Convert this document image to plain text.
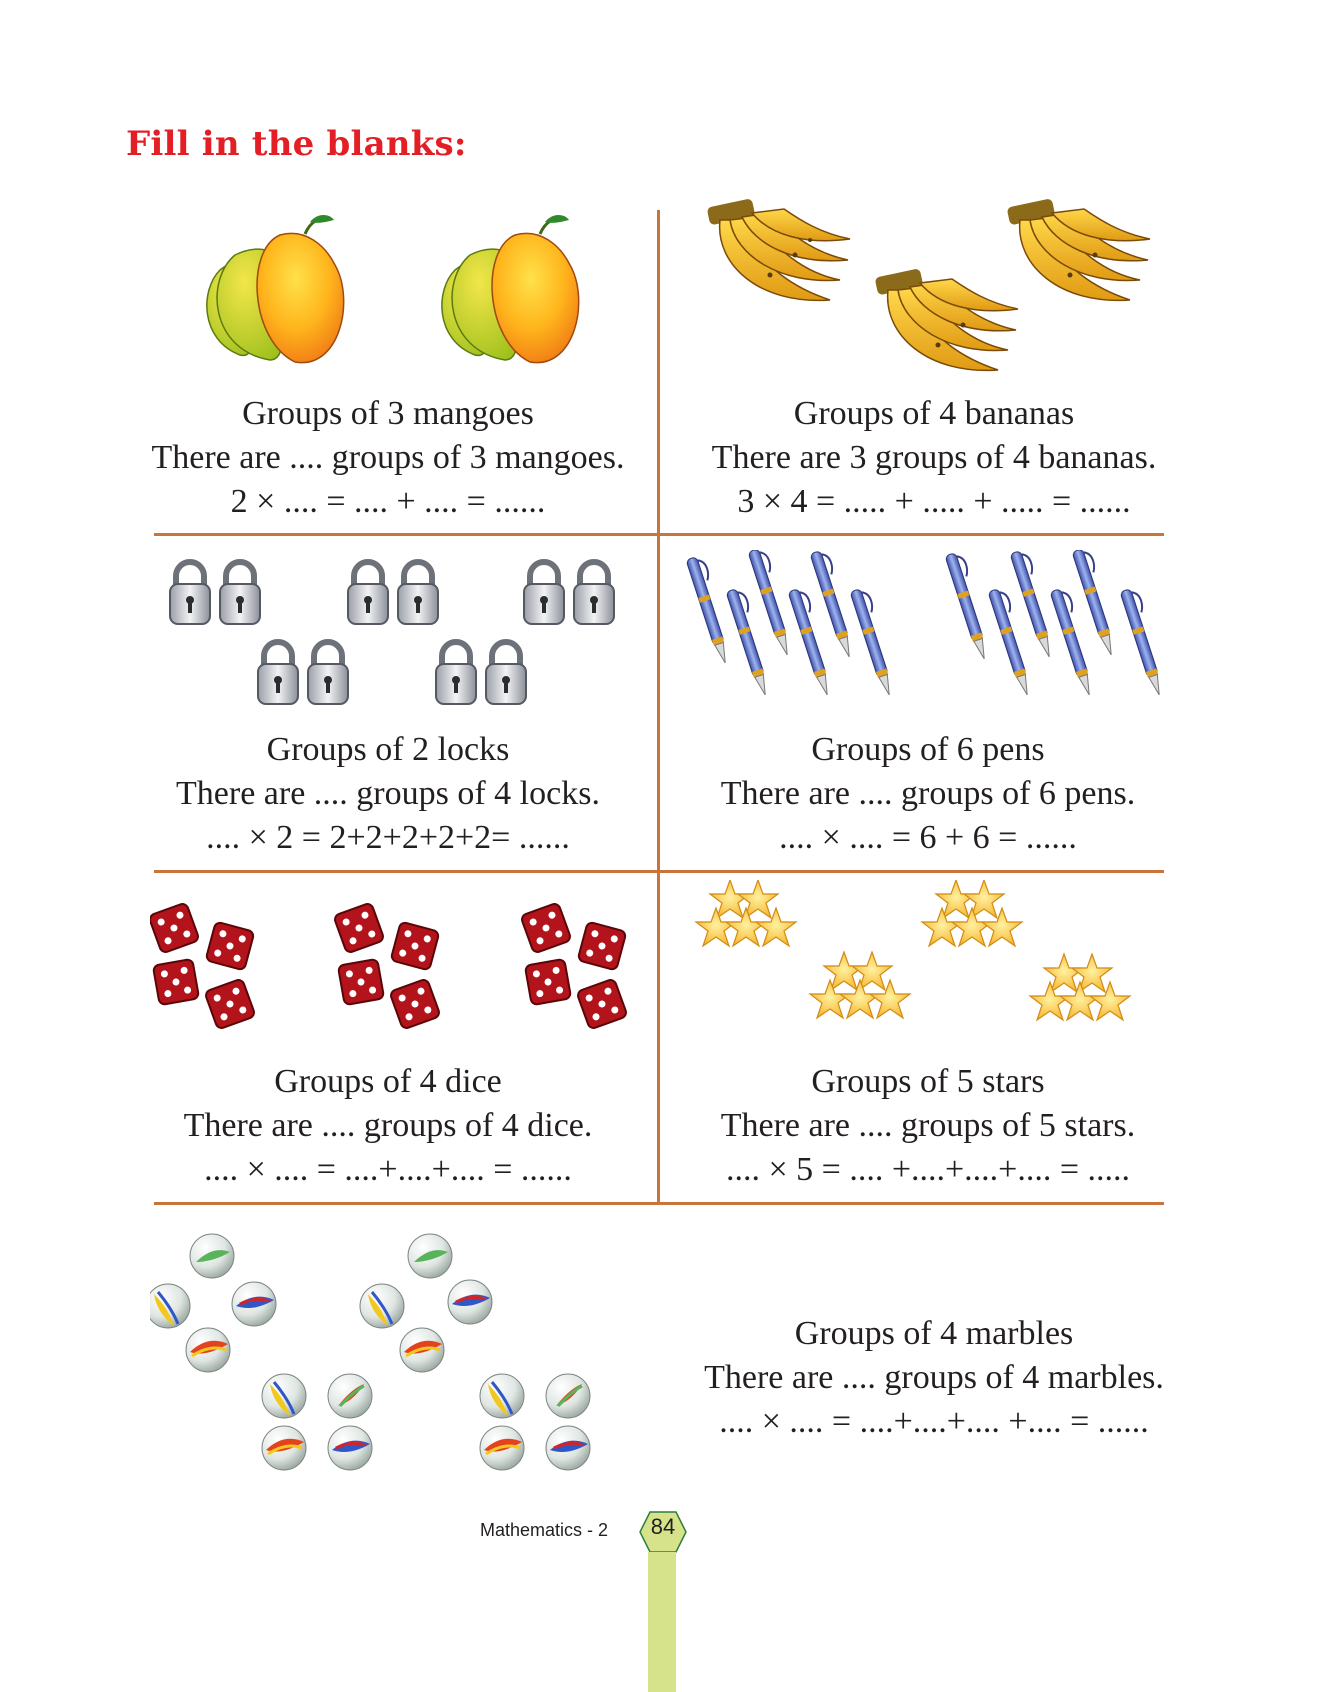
Fill in the blanks:
Groups of 3 mangoes
There are .... groups of 3 mangoes.
2 × .... = .... + .... = ......
Groups of 4 bananas
There are 3 groups of 4 bananas.
3 × 4 = ..... + ..... + ..... = ......
Groups of 2 locks
There are .... groups of 4 locks.
.... × 2 = 2+2+2+2+2= ......
Groups of 6 pens
There are .... groups of 6 pens.
.... × .... = 6 + 6 = ......
Groups of 4 dice
There are .... groups of 4 dice.
.... × .... = ....+....+.... = ......
Groups of 5 stars
There are .... groups of 5 stars.
.... × 5 = .... +....+....+.... = .....
Groups of 4 marbles
There are .... groups of 4 marbles.
.... × .... = ....+....+.... +.... = ......
Mathematics - 2	84
